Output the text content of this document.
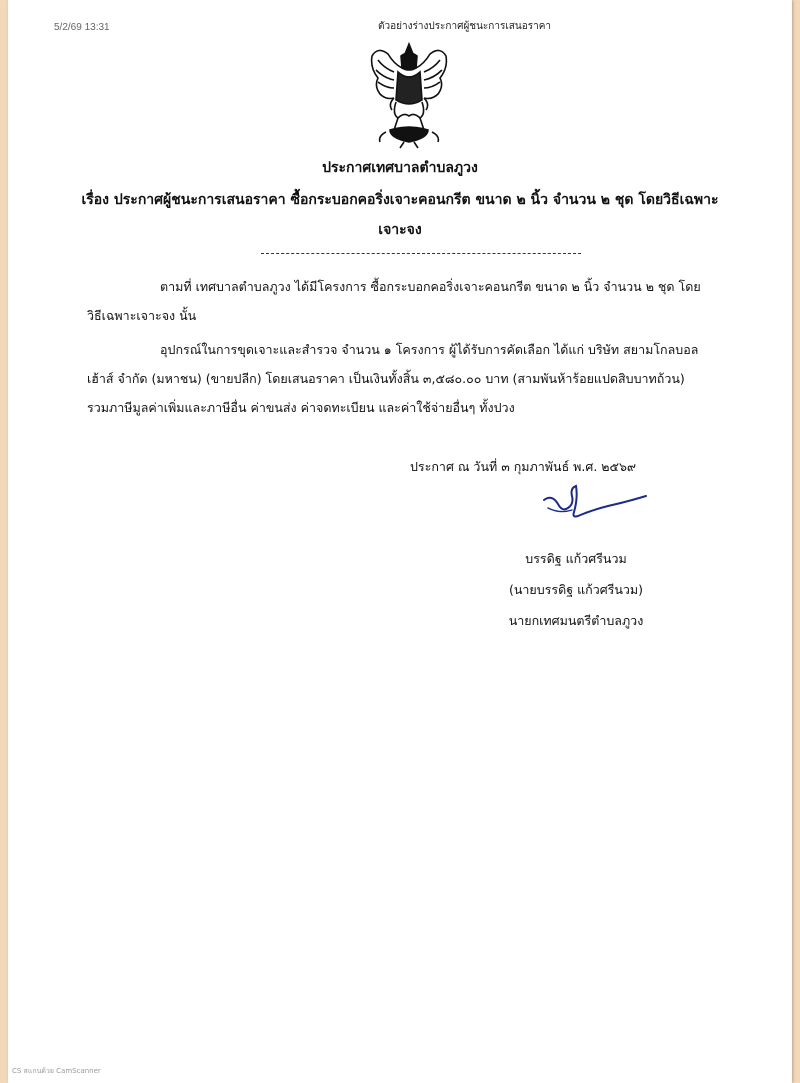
5/2/69 13:31	ตัวอย่างร่างประกาศผู้ชนะการเสนอราคา
ประกาศเทศบาลตำบลภูวง
เรื่อง ประกาศผู้ชนะการเสนอราคา ซื้อกระบอกคอริ่งเจาะคอนกรีต ขนาด ๒ นิ้ว จำนวน ๒ ชุด โดยวิธีเฉพาะ
เจาะจง
ตามที่ เทศบาลตำบลภูวง ได้มีโครงการ ซื้อกระบอกคอริ่งเจาะคอนกรีต ขนาด ๒ นิ้ว จำนวน ๒ ชุด โดย
วิธีเฉพาะเจาะจง นั้น
อุปกรณ์ในการขุดเจาะและสำรวจ จำนวน ๑ โครงการ ผู้ได้รับการคัดเลือก ได้แก่ บริษัท สยามโกลบอล
เฮ้าส์ จำกัด (มหาชน) (ขายปลีก) โดยเสนอราคา เป็นเงินทั้งสิ้น ๓,๕๘๐.๐๐ บาท (สามพันห้าร้อยแปดสิบบาทถ้วน)
รวมภาษีมูลค่าเพิ่มและภาษีอื่น ค่าขนส่ง ค่าจดทะเบียน และค่าใช้จ่ายอื่นๆ ทั้งปวง
ประกาศ ณ วันที่ ๓ กุมภาพันธ์ พ.ศ. ๒๕๖๙
บรรดิฐ แก้วศรีนวม
(นายบรรดิฐ แก้วศรีนวม)
นายกเทศมนตรีตำบลภูวง
CS สแกนด้วย CamScanner
